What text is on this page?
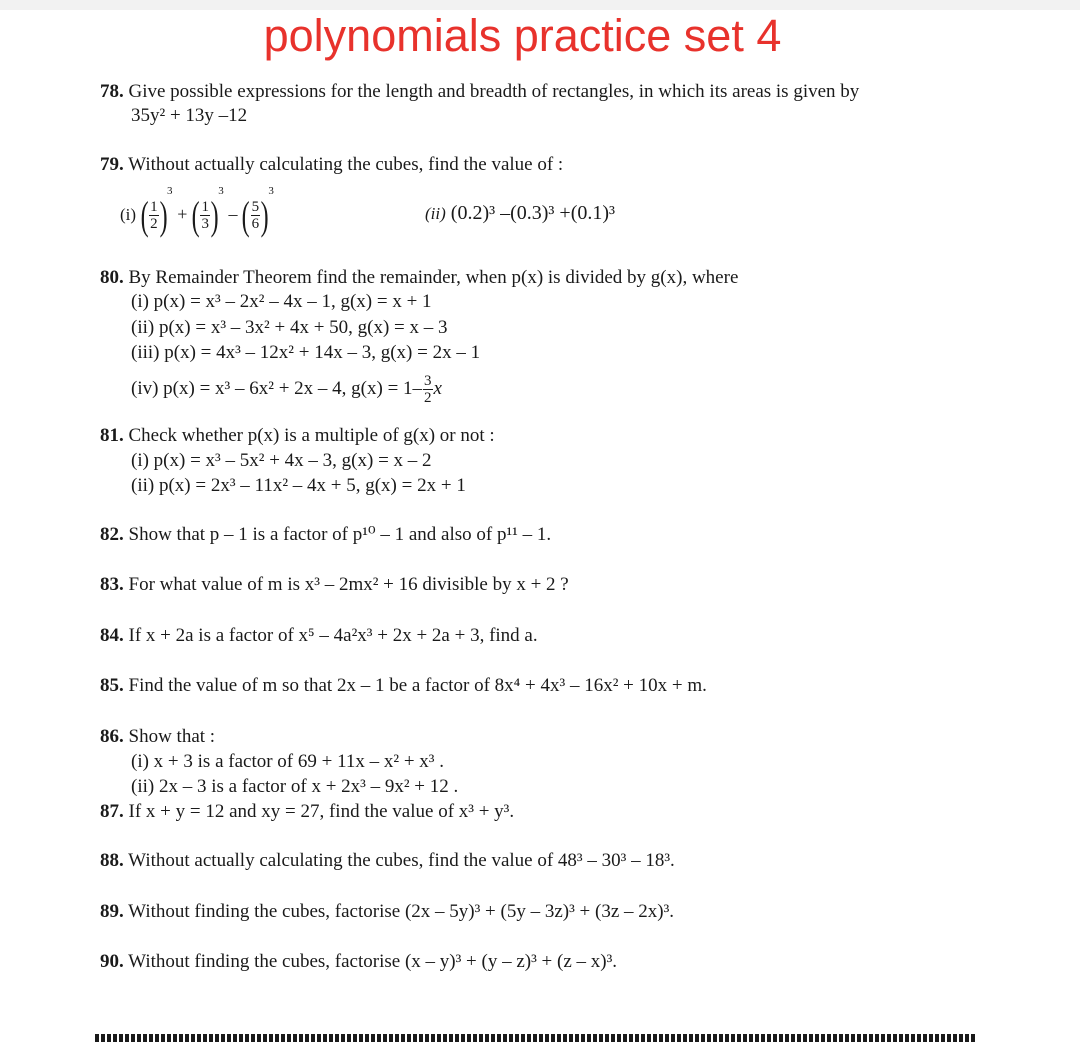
polynomials practice set 4
78. Give possible expressions for the length and breadth of rectangles, in which its areas is given by
35y² + 13y –12
79. Without actually calculating the cubes, find the value of :
(i) ( $\frac{1}{2} )^3$ + ( $\frac{1}{3} )^3$ – ( $\frac{5}{6} )^3$
(ii) (0.2)³ –(0.3)³ +(0.1)³
80. By Remainder Theorem find the remainder, when p(x) is divided by g(x), where
(i) p(x) = x³ – 2x² – 4x – 1, g(x) = x + 1
(ii) p(x) = x³ – 3x² + 4x + 50, g(x) = x – 3
(iii) p(x) = 4x³ – 12x² + 14x – 3, g(x) = 2x – 1
(iv) p(x) = x³ – 6x² + 2x – 4, $g(x) = 1- \frac{3}{2}$ x
81. Check whether p(x) is a multiple of g(x) or not :
(i) p(x) = x³ – 5x² + 4x – 3, g(x) = x – 2
(ii) p(x) = 2x³ – 11x² – 4x + 5, g(x) = 2x + 1
82. Show that p – 1 is a factor of p¹⁰ – 1 and also of p¹¹ – 1.
83. For what value of m is x³ – 2mx² + 16 divisible by x + 2 ?
84. If x + 2a is a factor of x⁵ – 4a²x³ + 2x + 2a + 3, find a.
85. Find the value of m so that 2x – 1 be a factor of 8x⁴ + 4x³ – 16x² + 10x + m.
86. Show that :
(i) x + 3 is a factor of 69 + 11x – x² + x³ .
(ii) 2x – 3 is a factor of x + 2x³ – 9x² + 12 .
87. If x + y = 12 and xy = 27, find the value of x³ + y³.
88. Without actually calculating the cubes, find the value of 48³ – 30³ – 18³.
89. Without finding the cubes, factorise (2x – 5y)³ + (5y – 3z)³ + (3z – 2x)³.
90. Without finding the cubes, factorise (x – y)³ + (y – z)³ + (z – x)³.
